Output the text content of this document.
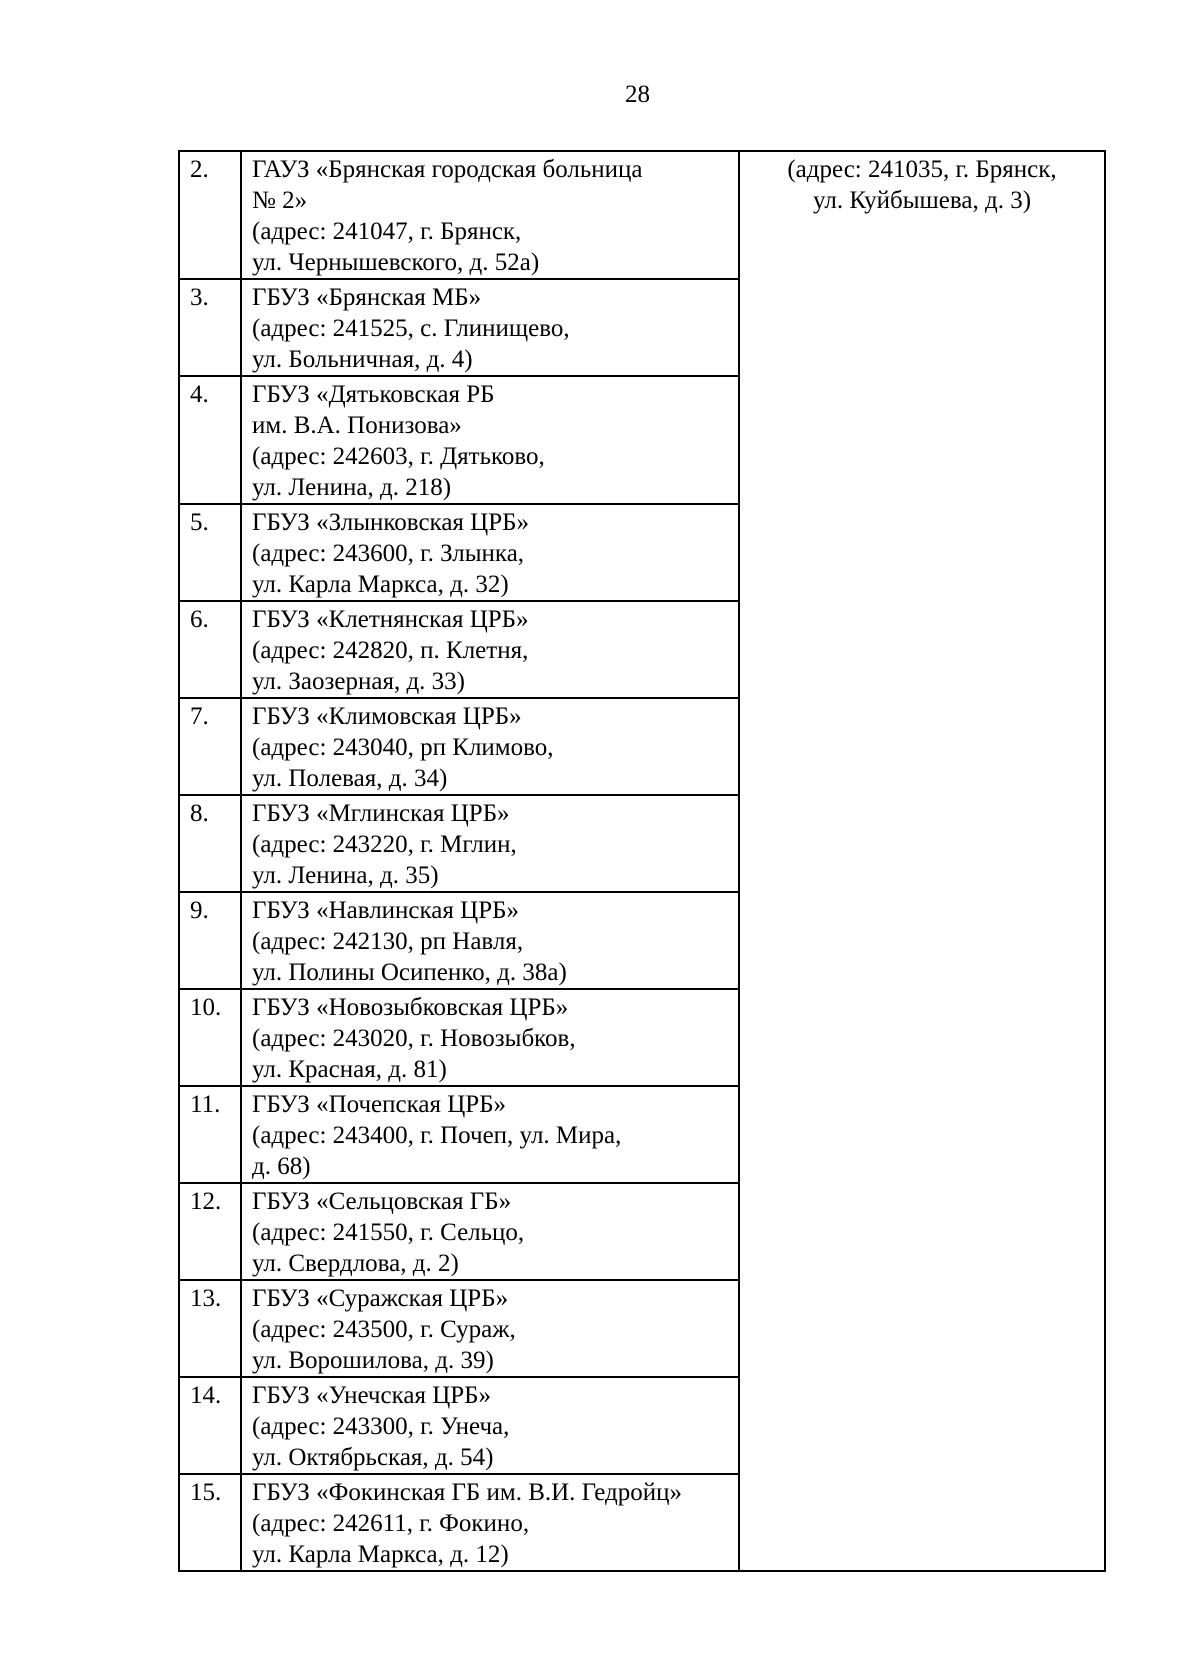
28
2.	ГАУЗ «Брянская городская больница
№ 2»
(адрес: 241047, г. Брянск,
ул. Чернышевского, д. 52а)	(адрес: 241035, г. Брянск,
ул. Куйбышева, д. 3)

3.	ГБУЗ «Брянская МБ»
(адрес: 241525, с. Глинищево,
ул. Больничная, д. 4)	

4.	ГБУЗ «Дятьковская РБ
им. В.А. Понизова»
(адрес: 242603, г. Дятьково,
ул. Ленина, д. 218)	

5.	ГБУЗ «Злынковская ЦРБ»
(адрес: 243600, г. Злынка,
ул. Карла Маркса, д. 32)	

6.	ГБУЗ «Клетнянская ЦРБ»
(адрес: 242820, п. Клетня,
ул. Заозерная, д. 33)	

7.	ГБУЗ «Климовская ЦРБ»
(адрес: 243040, рп Климово,
ул. Полевая, д. 34)	

8.	ГБУЗ «Мглинская ЦРБ»
(адрес: 243220, г. Мглин,
ул. Ленина, д. 35)	

9.	ГБУЗ «Навлинская ЦРБ»
(адрес: 242130, рп Навля,
ул. Полины Осипенко, д. 38а)	

10.	ГБУЗ «Новозыбковская ЦРБ»
(адрес: 243020, г. Новозыбков,
ул. Красная, д. 81)	

11.	ГБУЗ «Почепская ЦРБ»
(адрес: 243400, г. Почеп, ул. Мира,
д. 68)	

12.	ГБУЗ «Сельцовская ГБ»
(адрес: 241550, г. Сельцо,
ул. Свердлова, д. 2)	

13.	ГБУЗ «Суражская ЦРБ»
(адрес: 243500, г. Сураж,
ул. Ворошилова, д. 39)	

14.	ГБУЗ «Унечская ЦРБ»
(адрес: 243300, г. Унеча,
ул. Октябрьская, д. 54)	

15.	ГБУЗ «Фокинская ГБ им. В.И. Гедройц»
(адрес: 242611, г. Фокино,
ул. Карла Маркса, д. 12)	
